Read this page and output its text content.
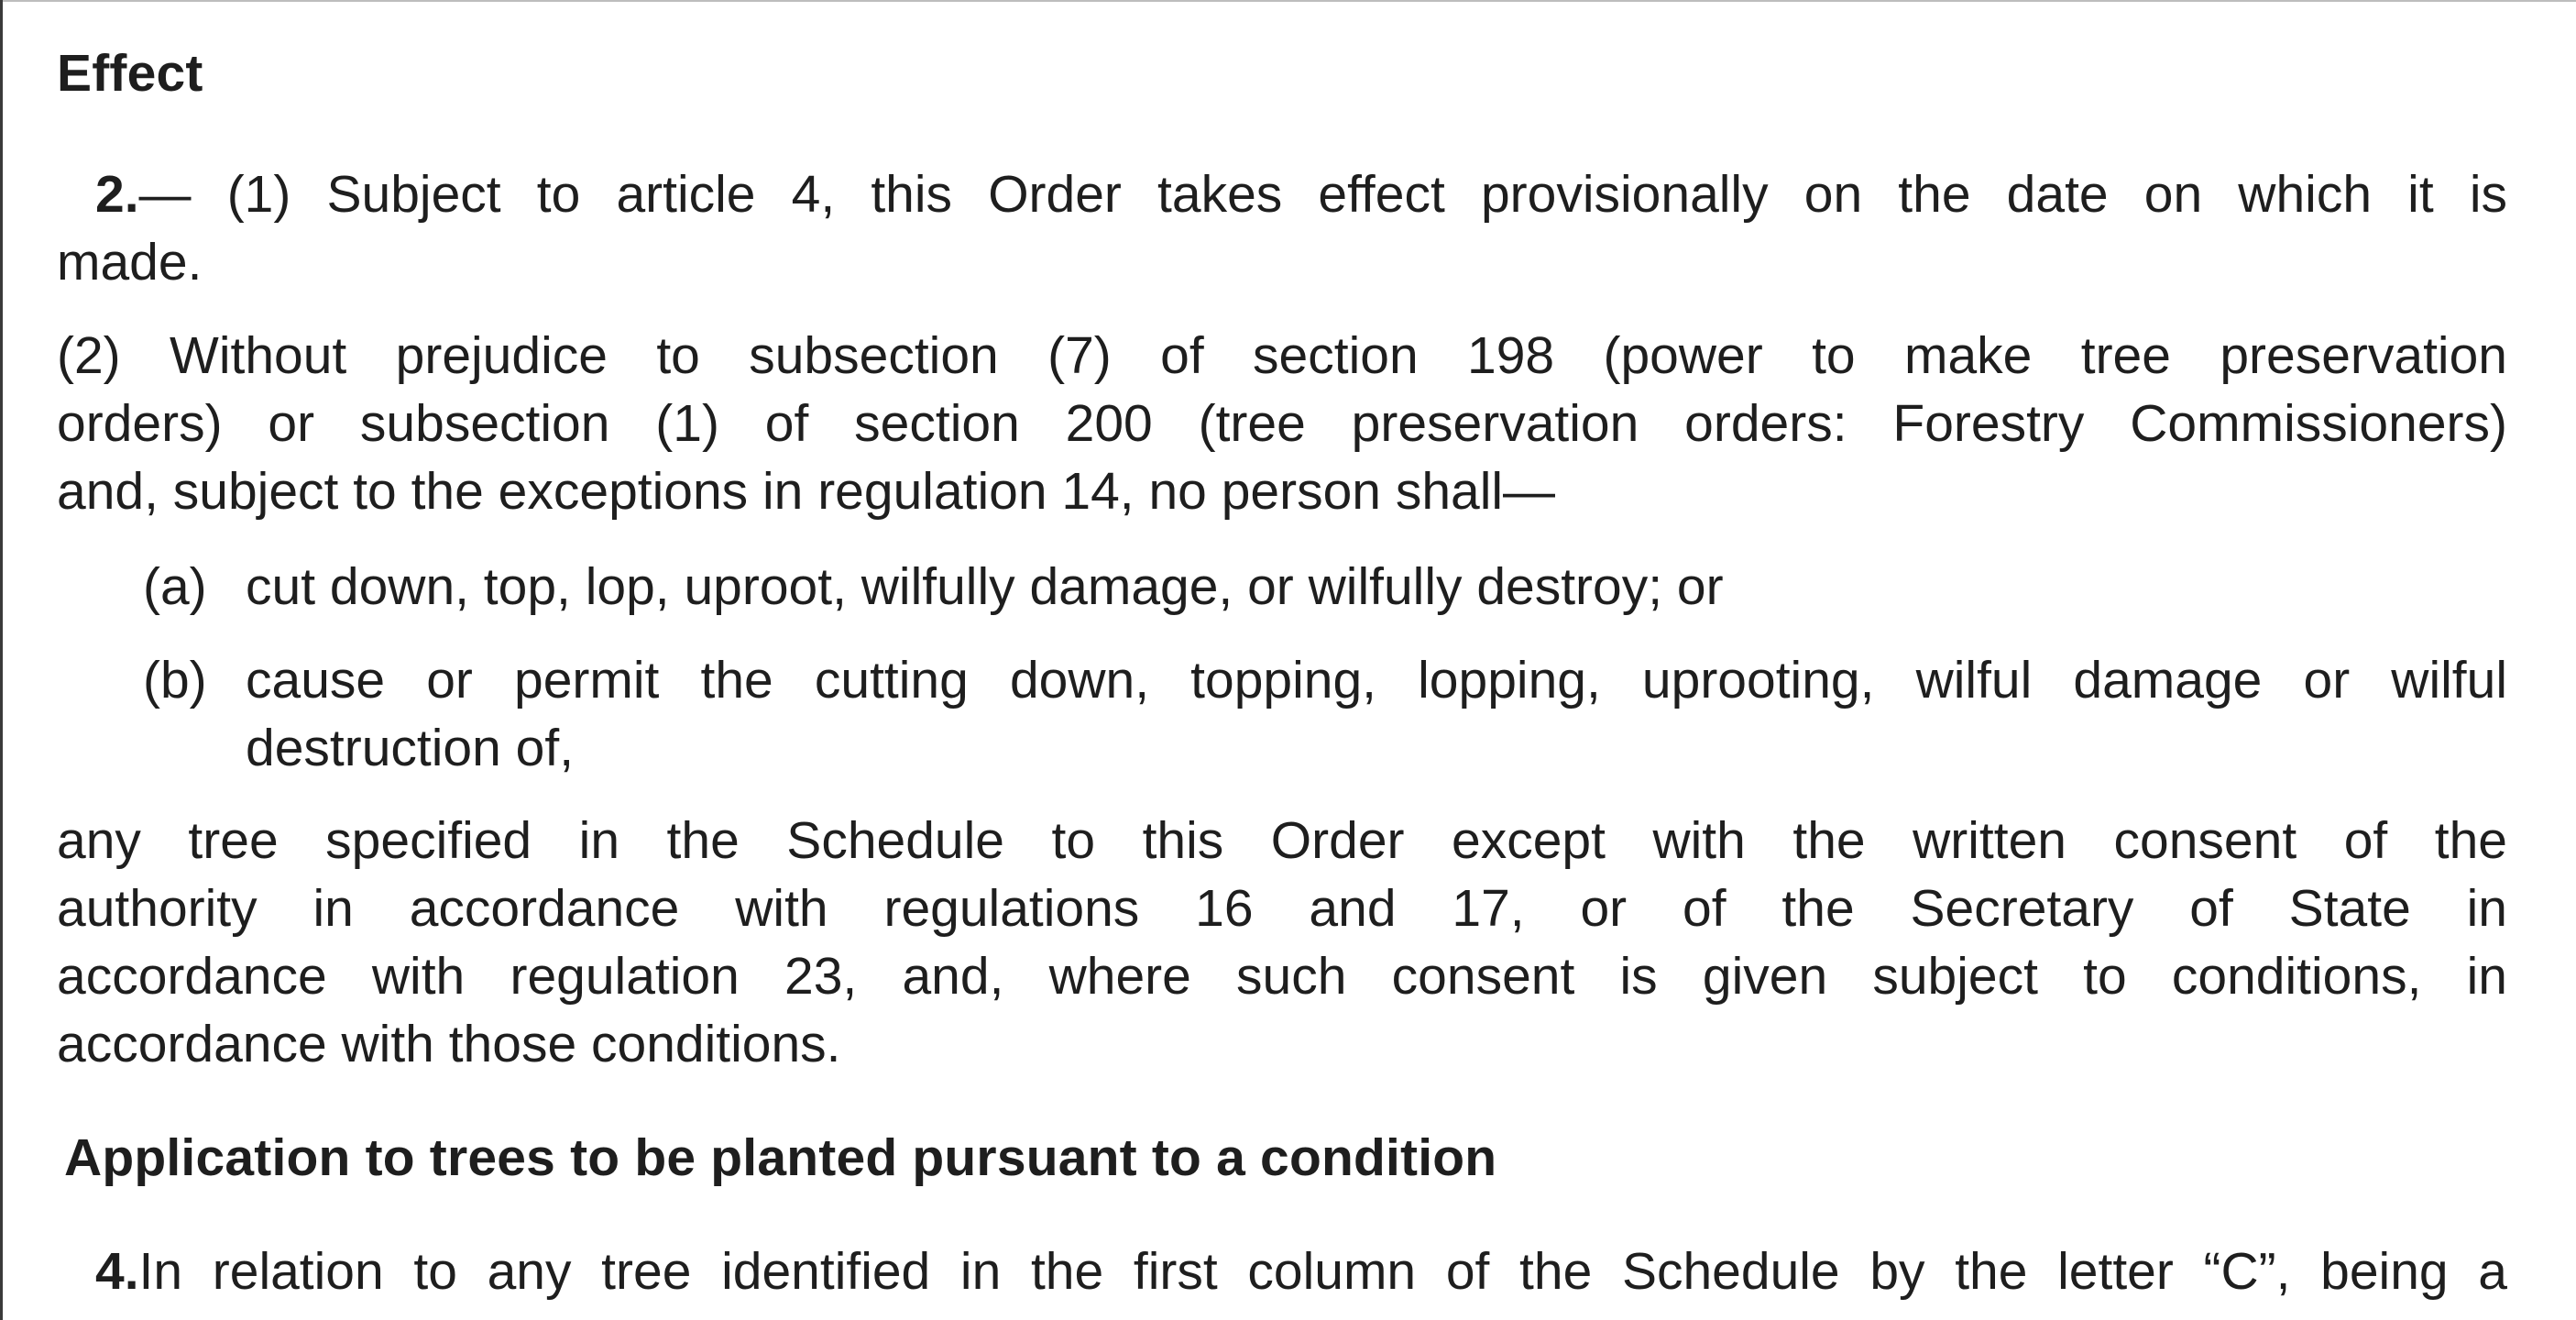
Effect
2.— (1) Subject to article 4, this Order takes effect provisionally on the date on which it is
made.
(2) Without prejudice to subsection (7) of section 198 (power to make tree preservation
orders) or subsection (1) of section 200 (tree preservation orders: Forestry Commissioners)
and, subject to the exceptions in regulation 14, no person shall—
(a) cut down, top, lop, uproot, wilfully damage, or wilfully destroy; or
(b) cause or permit the cutting down, topping, lopping, uprooting, wilful damage or wilful
destruction of,
any tree specified in the Schedule to this Order except with the written consent of the
authority in accordance with regulations 16 and 17, or of the Secretary of State in
accordance with regulation 23, and, where such consent is given subject to conditions, in
accordance with those conditions.
Application to trees to be planted pursuant to a condition
4.In relation to any tree identified in the first column of the Schedule by the letter “C”, being a
